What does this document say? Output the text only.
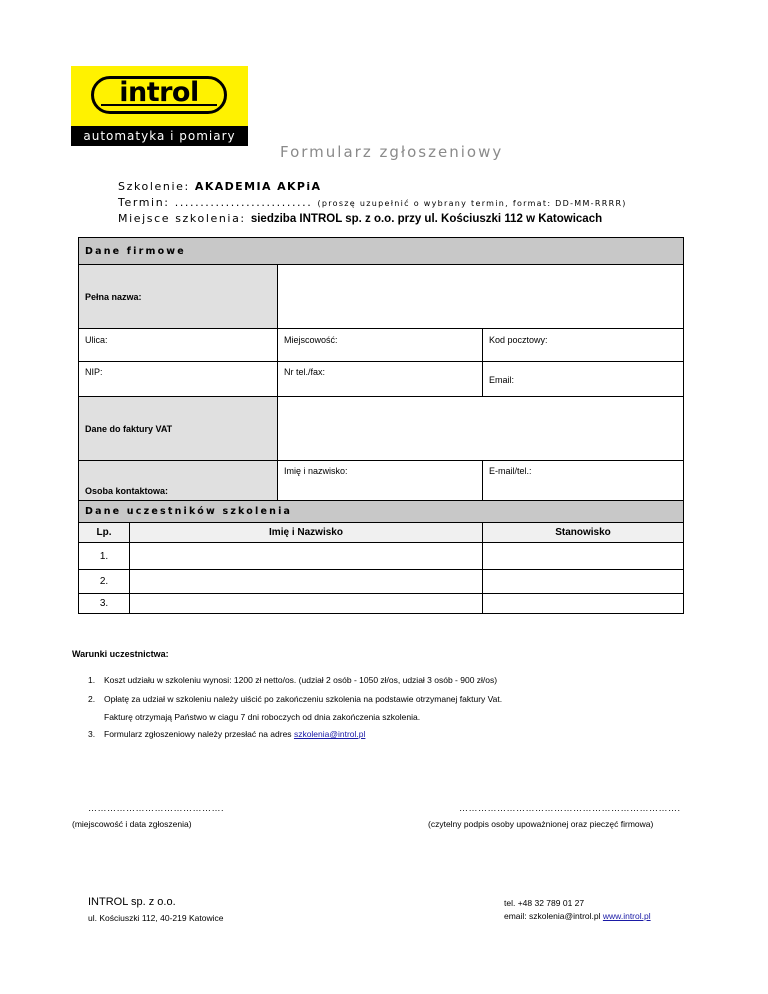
introl
automatyka i pomiary
Formularz zgłoszeniowy
Szkolenie: AKADEMIA AKPiA
Termin: ........................... (proszę uzupełnić o wybrany termin, format: DD-MM-RRRR)
Miejsce szkolenia: siedziba INTROL sp. z o.o. przy ul. Kościuszki 112 w Katowicach
Dane firmowe			
Pełna nazwa:			
Ulica:		Miejscowość:	Kod pocztowy:
NIP:		Nr tel./fax:	Email:
Dane do faktury VAT			
Osoba kontaktowa:		Imię i nazwisko:	E-mail/tel.:
Dane uczestników szkolenia			
Lp.	Imię i Nazwisko		Stanowisko
1.			
2.			
3.			
Warunki uczestnictwa:
1. Koszt udziału w szkoleniu wynosi: 1200 zł netto/os. (udział 2 osób - 1050 zł/os, udział 3 osób - 900 zł/os)
2. Opłatę za udział w szkoleniu należy uiścić po zakończeniu szkolenia na podstawie otrzymanej faktury Vat.
Fakturę otrzymają Państwo w ciagu 7 dni roboczych od dnia zakończenia szkolenia.
3. Formularz zgłoszeniowy należy przesłać na adres szkolenia@introl.pl
…………………………………….
(miejscowość i data zgłoszenia)
…………………………………………………………….
(czytelny podpis osoby upoważnionej oraz pieczęć firmowa)
INTROL sp. z o.o.
ul. Kościuszki 112, 40-219 Katowice
tel. +48 32 789 01 27
email: szkolenia@introl.pl www.introl.pl
